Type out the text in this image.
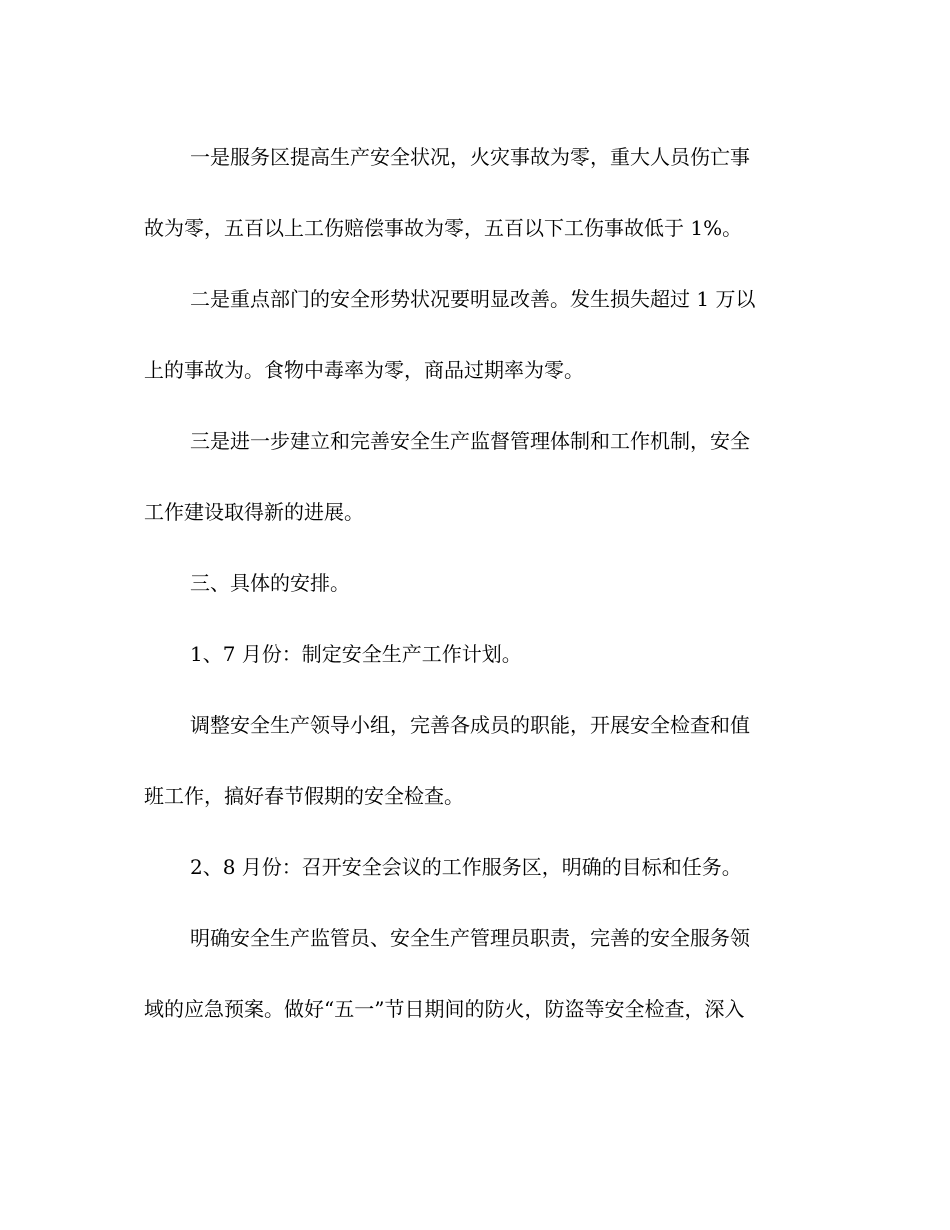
一是服务区提高生产安全状况，火灾事故为零，重大人员伤亡事
故为零，五百以上工伤赔偿事故为零，五百以下工伤事故低于 1%。
二是重点部门的安全形势状况要明显改善。发生损失超过 1 万以
上的事故为。食物中毒率为零，商品过期率为零。
三是进一步建立和完善安全生产监督管理体制和工作机制，安全
工作建设取得新的进展。
三、具体的安排。
1、7 月份：制定安全生产工作计划。
调整安全生产领导小组，完善各成员的职能，开展安全检查和值
班工作，搞好春节假期的安全检查。
2、8 月份：召开安全会议的工作服务区，明确的目标和任务。
明确安全生产监管员、安全生产管理员职责，完善的安全服务领
域的应急预案。做好“五一”节日期间的防火，防盗等安全检查，深入
